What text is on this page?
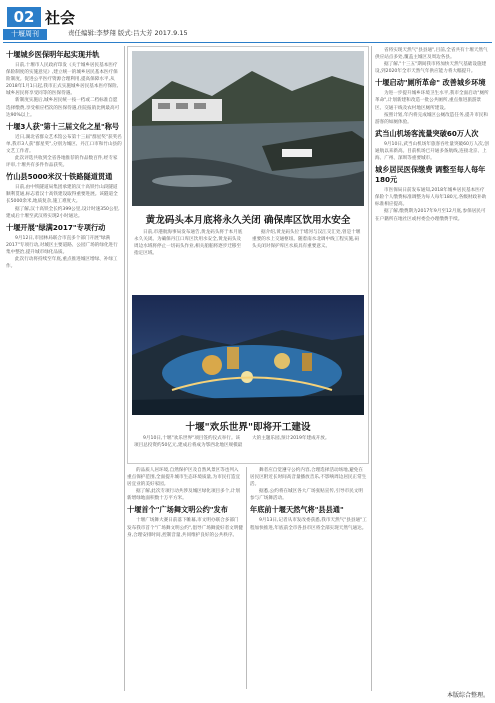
02 社会
十堰周刊	责任编辑:李梦翔 版式:吕大芳 2017.9.15
十堰城乡医保明年起实现并轨

日前,十堰市人民政府印发《关于城乡居民基本医疗保险制度的实施意见》,建立统一的城乡居民基本医疗保险制度。促进公平医疗资源合理利用,提高保障水平,从2018年1月1日起,我市正式实施城乡居民基本医疗保险,城乡居民将享受同等的医保待遇。

新制度实施后,城乡居民统一按一档或二档标准自愿选择缴费,享受相应档次的医保待遇,住院报销比例最高可达90%以上。

十堰3人获"第十三届文化之星"称号

近日,湖北省群众艺术馆公布第十三届"群星奖"获奖名单,我市3人获"群星奖",分别为城区、丹江口市和竹山县的文艺工作者。

此次评选共收到全省各地推荐的作品数百件,经专家评审,十堰共有多件作品获奖。

竹山县5000米汉十铁路隧道贯通

日前,由中铁隧道局集团承建的汉十高铁竹山段隧道顺利贯通,标志着汉十高铁建设取得重要进展。该隧道全长5000余米,地质复杂,施工难度大。

据了解,汉十高铁全长约399公里,设计时速350公里,建成后十堰至武汉将实现2小时通达。

十堰开展"绿满2017"专项行动

9月12日,市园林局联合市直多个部门开展"绿满2017"专项行动,对城区主要道路、公园广场的绿化进行集中整治,提升城市绿化品质。

此次行动将持续至年底,重点推进城区增绿、补绿工作。

黄龙码头本月底将永久关闭 确保库区饮用水安全

日前,市港航海事局发布通告,黄龙码头将于本月底永久关闭。为确保丹江口库区饮用水安全,黄龙码头及周边水域将停止一切码头作业,相关船舶将逐步迁移至指定区域。

据介绍,黄龙码头位于堵河与汉江交汇处,曾是十堰重要的水上交通枢纽。随着南水北调中线工程实施,码头关闭对保护库区水质具有重要意义。

十堰"欢乐世界"即将开工建设

9月10日,十堰"欢乐世界"项目签约仪式举行。该项目总投资约50亿元,建成后将成为鄂西北地区规模最大的主题乐园,预计2019年建成开放。

的品质人居环境,自然保护区及自然风景区等也列入重点保护范围,全面提升城市生态环境质量,为市民打造宜居宜业的美好家园。

据了解,此次专项行动共涉及城区绿化项目多个,计划新增绿地面积数十万平方米。

十堰首个"广场舞文明公约"发布

十堰广场舞大赛日前落下帷幕,市文明办联合多部门发布我市首个"广场舞文明公约",倡导广场舞爱好者文明健身,合理安排时间,控制音量,共同维护良好的公共秩序。

舞者应自觉遵守公约内容,合理选择活动场地,避免在居民区附近长时间高音量播放音乐,不影响周边居民正常生活。

据悉,公约将在城区各大广场张贴宣传,引导市民文明参与广场舞活动。

年底前十堰天然气将"县县通"

9月13日,记者从市发改委获悉,我市天然气"县县通"工程加快推进,年底前全市各县市区将全部实现天然气通达。

省将实现天然气"县县通",目前,全省共有十堰天然气供应站点多处,覆盖主城区及周边各县。

据了解,"十三五"期间我市将加快天然气基础设施建设,到2020年全市天然气年供应能力将大幅提升。

十堰启动"厕所革命" 改善城乡环境

为进一步提升城乡环境卫生水平,我市全面启动"厕所革命",计划新建和改造一批公共厕所,重点推进旅游景区、交通干线及农村地区厕所建设。

按照计划,年内将完成城区公厕改造任务,提升市民和游客的如厕体验。

武当山机场客流量突破60万人次

9月10日,武当山机场年旅客吞吐量突破60万人次,创通航以来新高。目前机场已开通多条航线,连接北京、上海、广州、深圳等重要城市。

城乡居民医保缴费 调整至每人每年180元

市医保局日前发布通知,2018年城乡居民基本医疗保险个人缴费标准调整为每人每年180元,各级财政补助标准相应提高。

据了解,缴费期为2017年9月至12月底,参保居民可在户籍所在地社区或村委会办理缴费手续。

本版综合整理。
